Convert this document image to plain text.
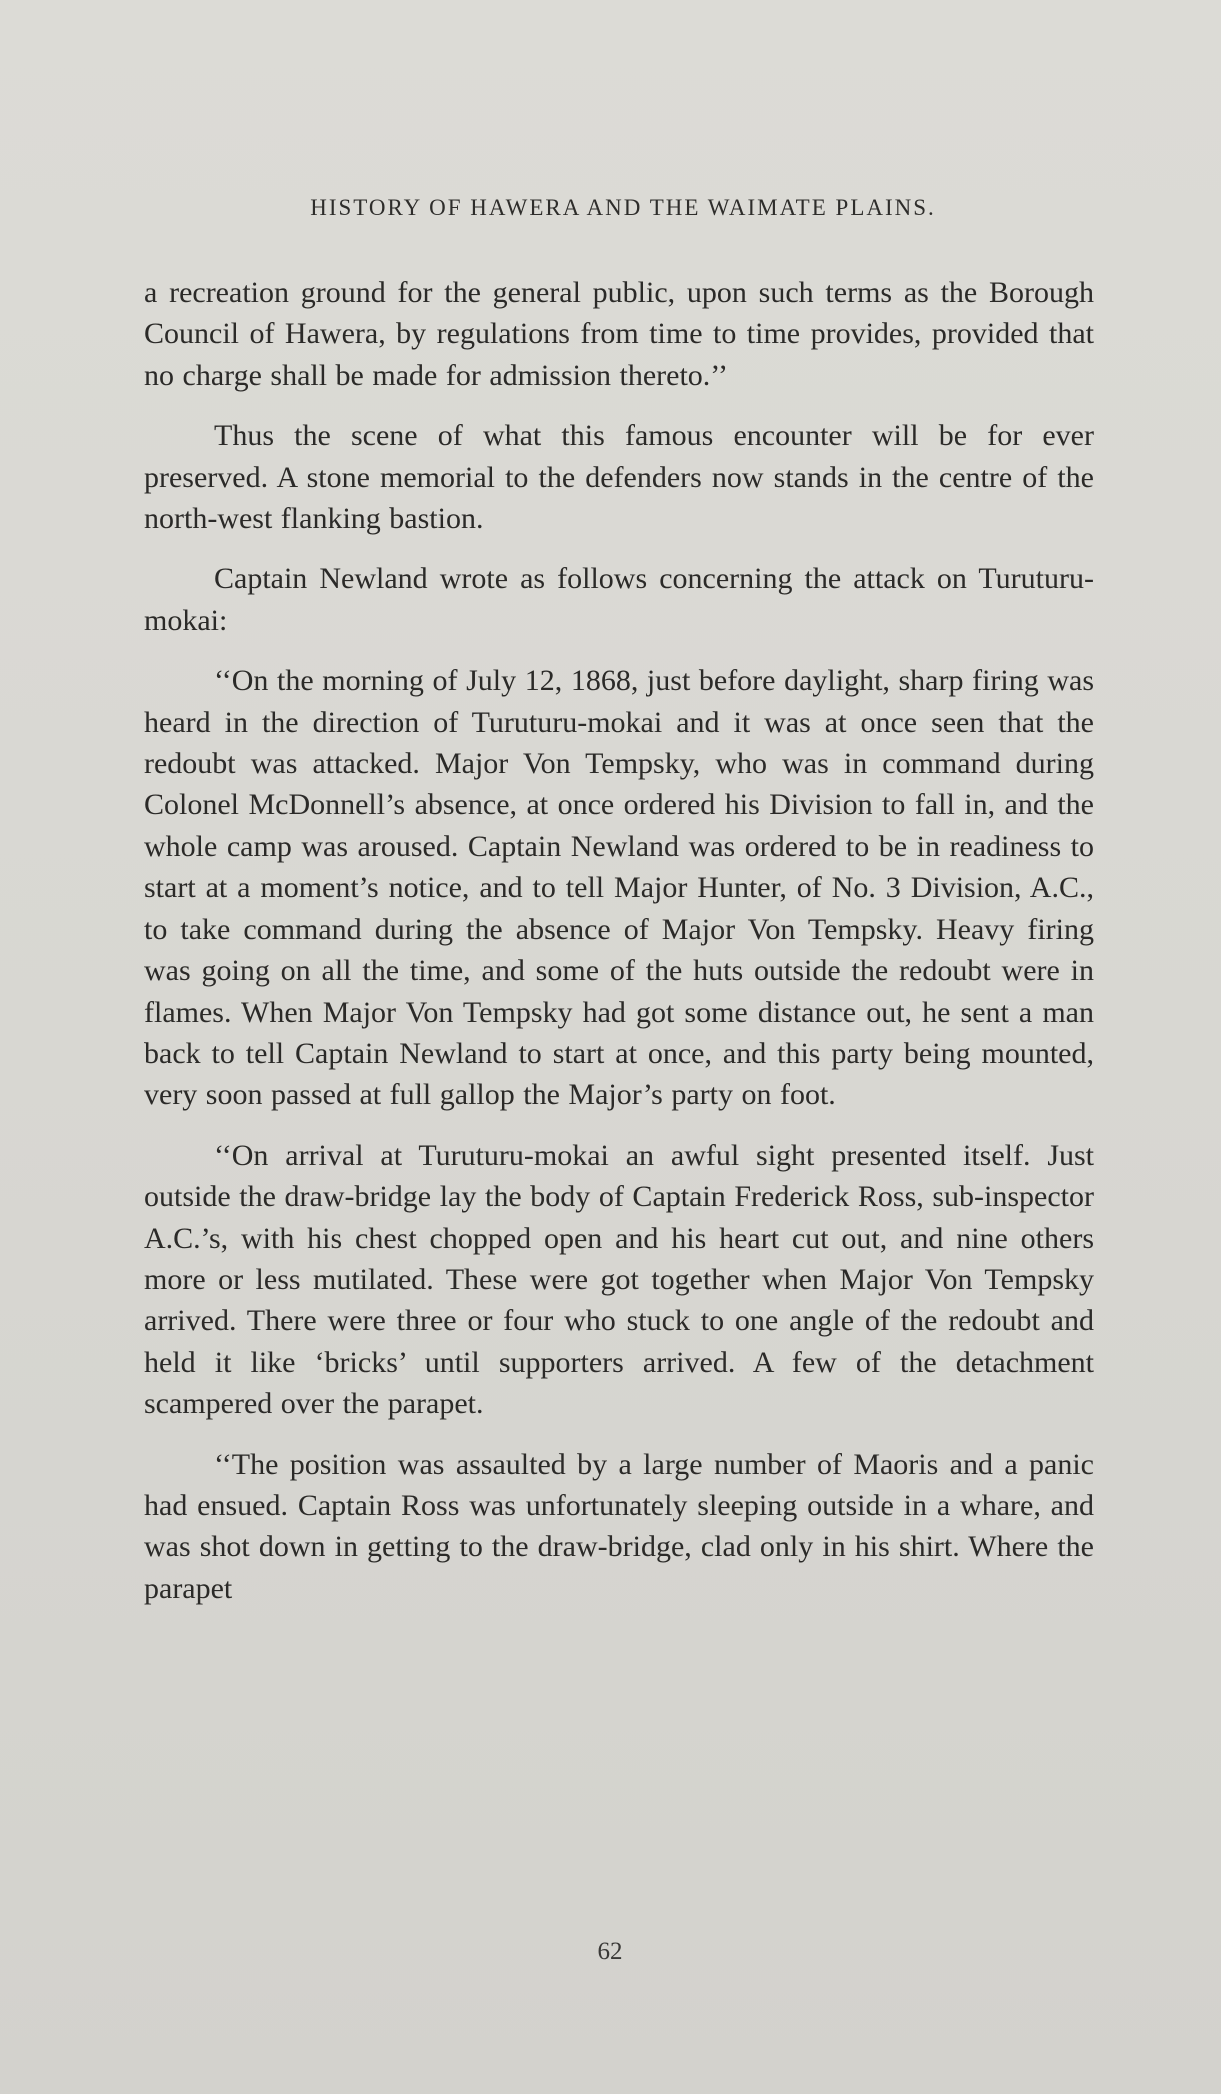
HISTORY OF HAWERA AND THE WAIMATE PLAINS.

a recreation ground for the general public, upon such terms as the Borough Council of Hawera, by regulations from time to time provides, provided that no charge shall be made for admission thereto.’’

Thus the scene of what this famous encounter will be for ever preserved. A stone memorial to the defenders now stands in the centre of the north-west flanking bastion.

Captain Newland wrote as follows concerning the attack on Turuturu-mokai:

‘‘On the morning of July 12, 1868, just before daylight, sharp firing was heard in the direction of Turuturu-mokai and it was at once seen that the redoubt was attacked. Major Von Tempsky, who was in command during Colonel McDonnell’s absence, at once ordered his Division to fall in, and the whole camp was aroused. Captain Newland was ordered to be in readiness to start at a moment’s notice, and to tell Major Hunter, of No. 3 Division, A.C., to take command during the absence of Major Von Tempsky. Heavy firing was going on all the time, and some of the huts outside the redoubt were in flames. When Major Von Tempsky had got some distance out, he sent a man back to tell Captain Newland to start at once, and this party being mounted, very soon passed at full gallop the Major’s party on foot.

‘‘On arrival at Turuturu-mokai an awful sight presented itself. Just outside the draw-bridge lay the body of Captain Frederick Ross, sub-inspector A.C.’s, with his chest chopped open and his heart cut out, and nine others more or less mutilated. These were got together when Major Von Tempsky arrived. There were three or four who stuck to one angle of the redoubt and held it like ‘bricks’ until supporters arrived. A few of the detachment scampered over the parapet.

‘‘The position was assaulted by a large number of Maoris and a panic had ensued. Captain Ross was unfortunately sleeping outside in a whare, and was shot down in getting to the draw-bridge, clad only in his shirt. Where the parapet

62
